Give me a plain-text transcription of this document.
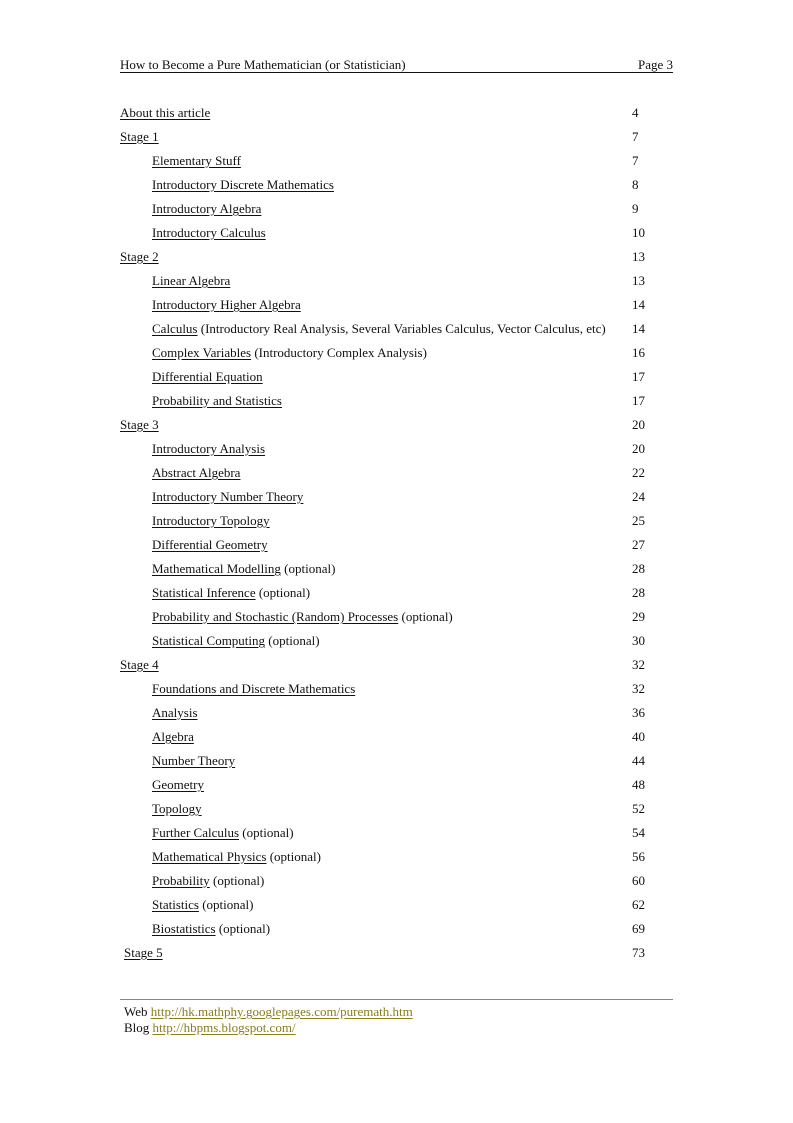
How to Become a Pure Mathematician (or Statistician)	Page 3
About this article	4
Stage 1	7
Elementary Stuff	7
Introductory Discrete Mathematics	8
Introductory Algebra	9
Introductory Calculus	10
Stage 2	13
Linear Algebra	13
Introductory Higher Algebra	14
Calculus (Introductory Real Analysis, Several Variables Calculus, Vector Calculus, etc) 14
Complex Variables (Introductory Complex Analysis)	16
Differential Equation	17
Probability and Statistics	17
Stage 3	20
Introductory Analysis	20
Abstract Algebra	22
Introductory Number Theory	24
Introductory Topology	25
Differential Geometry	27
Mathematical Modelling (optional)	28
Statistical Inference (optional)	28
Probability and Stochastic (Random) Processes (optional)	29
Statistical Computing (optional)	30
Stage 4	32
Foundations and Discrete Mathematics	32
Analysis	36
Algebra	40
Number Theory	44
Geometry	48
Topology	52
Further Calculus (optional)	54
Mathematical Physics (optional)	56
Probability (optional)	60
Statistics (optional)	62
Biostatistics (optional)	69
Stage 5	73
Web http://hk.mathphy.googlepages.com/puremath.htm
Blog http://hbpms.blogspot.com/
